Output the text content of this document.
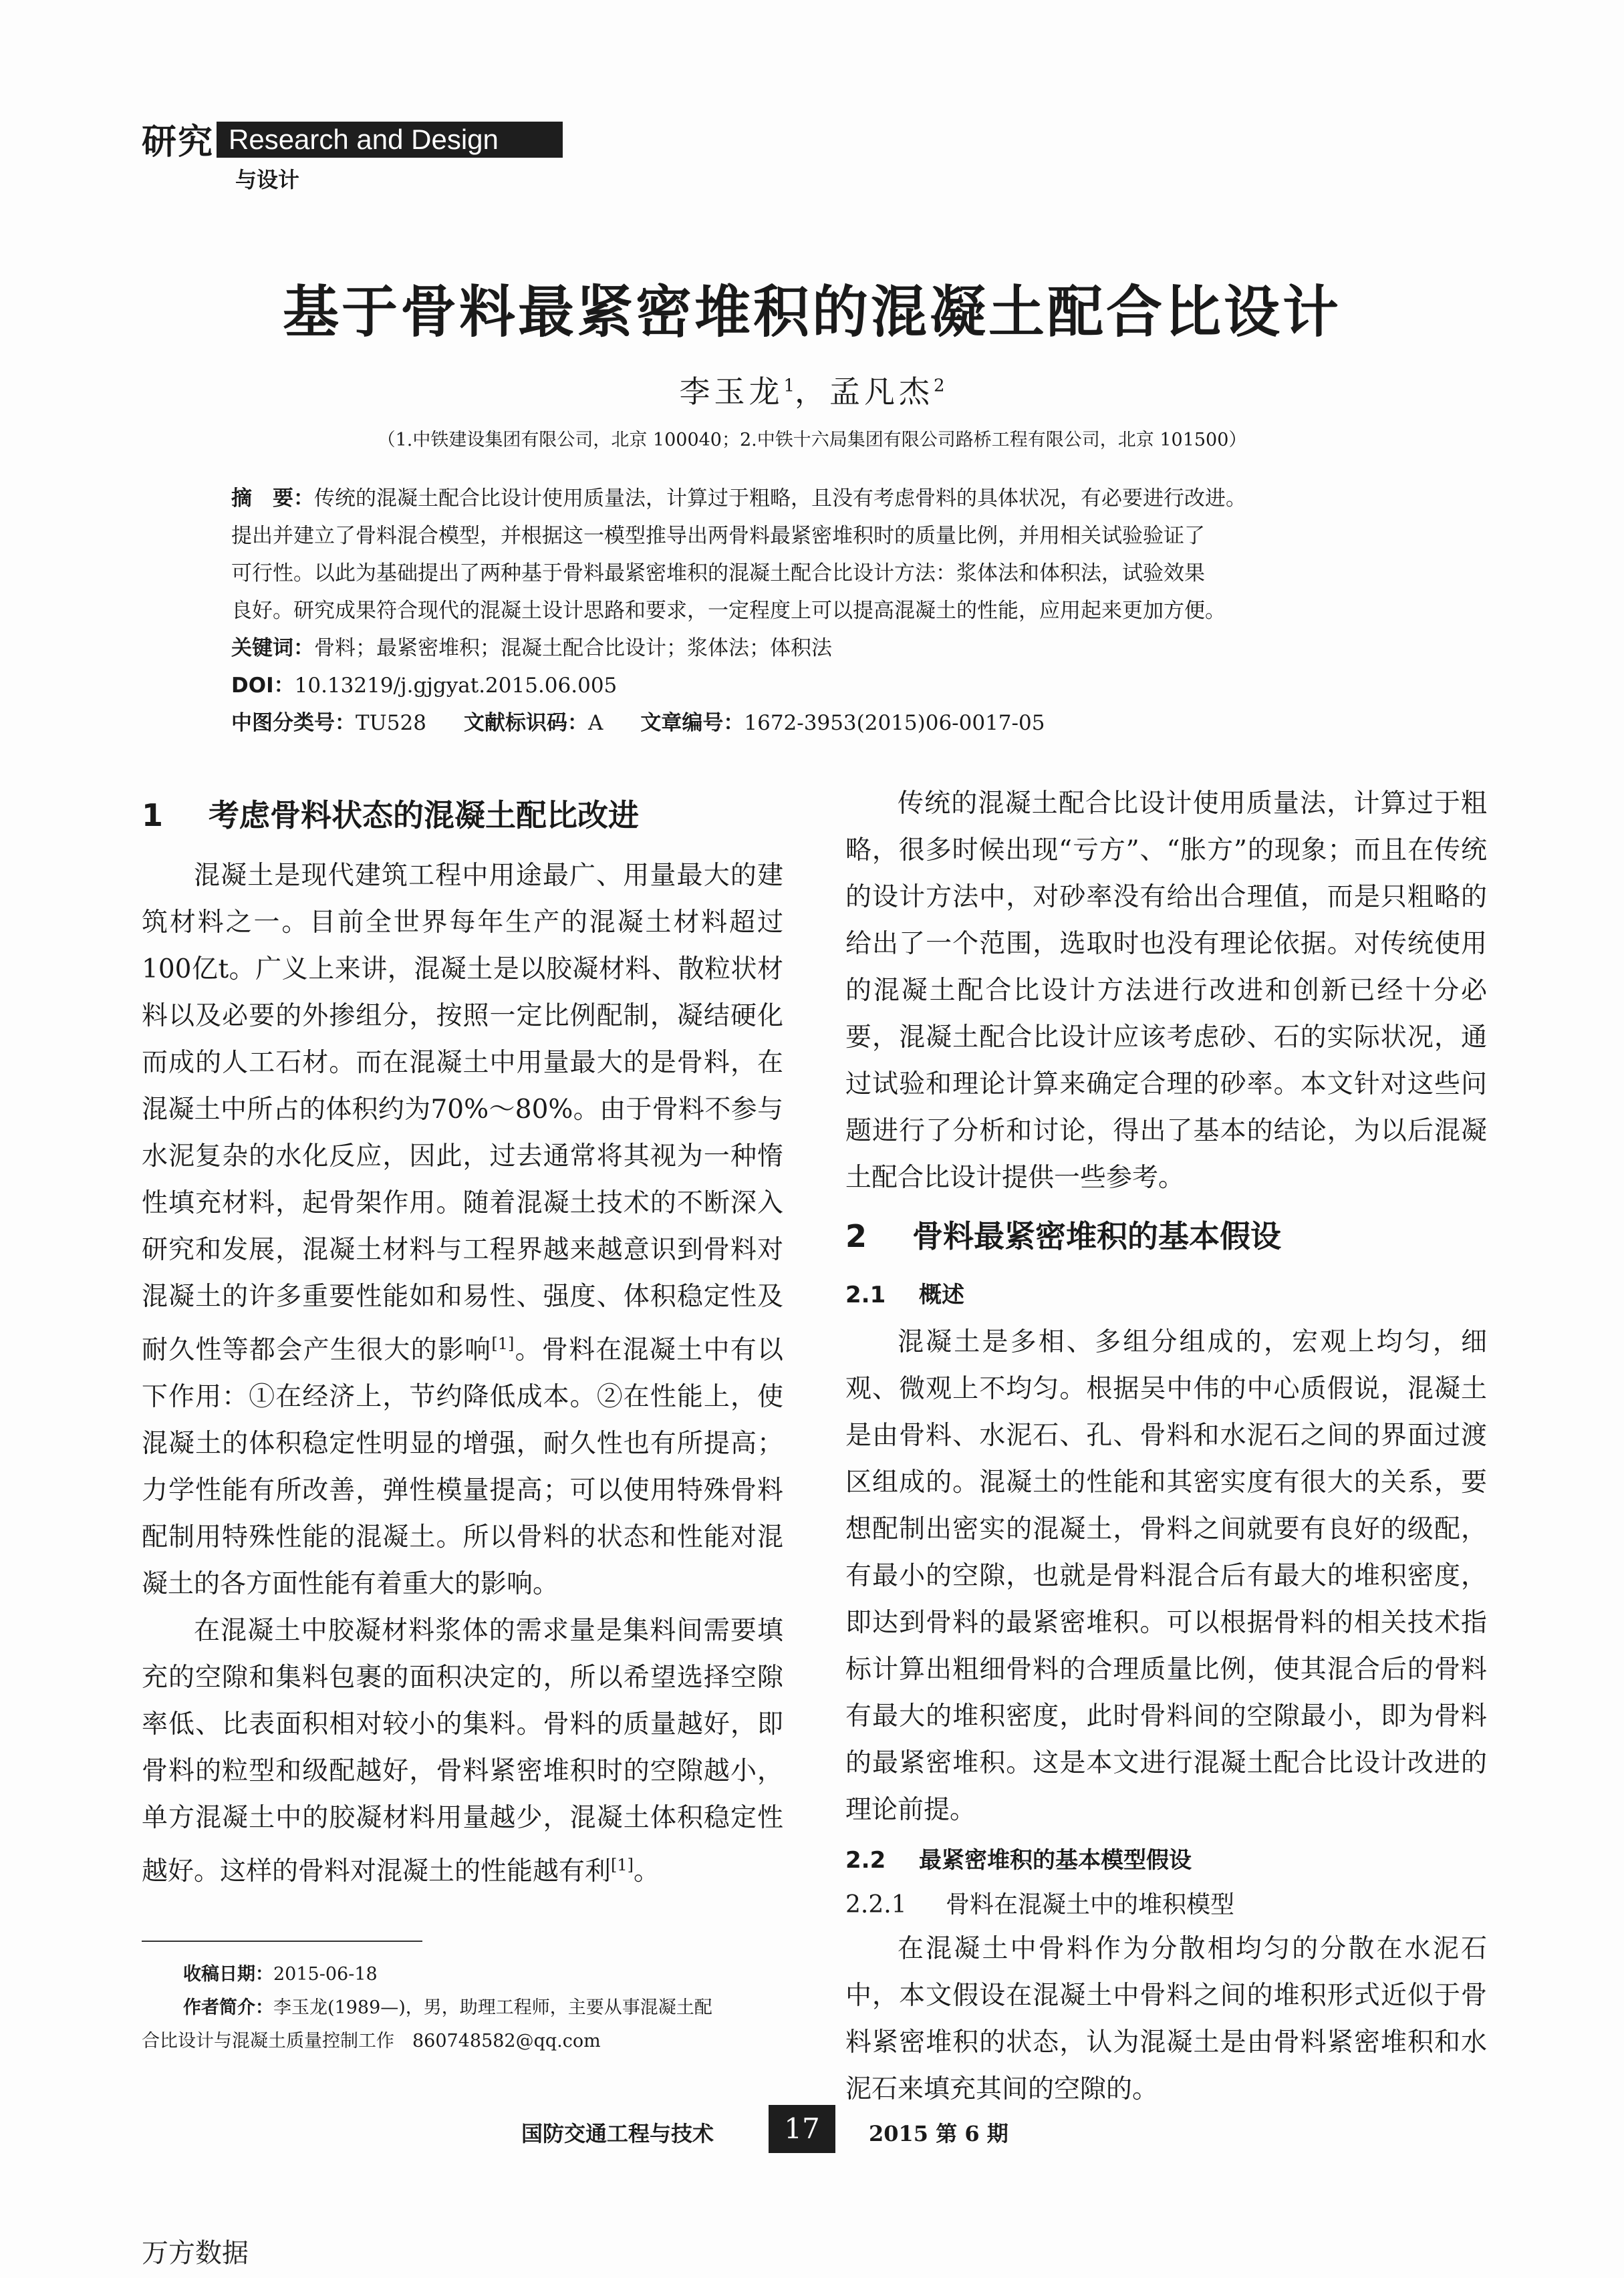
研究 Research and Design
与设计
基于骨料最紧密堆积的混凝土配合比设计
李玉龙$^1$，孟凡杰$^2$
（1.中铁建设集团有限公司，北京 100040；2.中铁十六局集团有限公司路桥工程有限公司，北京 101500）

摘　要：传统的混凝土配合比设计使用质量法，计算过于粗略，且没有考虑骨料的具体状况，有必要进行改进。

提出并建立了骨料混合模型，并根据这一模型推导出两骨料最紧密堆积时的质量比例，并用相关试验验证了

可行性。以此为基础提出了两种基于骨料最紧密堆积的混凝土配合比设计方法：浆体法和体积法，试验效果

良好。研究成果符合现代的混凝土设计思路和要求，一定程度上可以提高混凝土的性能，应用起来更加方便。

关键词：骨料；最紧密堆积；混凝土配合比设计；浆体法；体积法

DOI：10.13219/j.gjgyat.2015.06.005

中图分类号：TU528 文献标识码：A 文章编号：1672-3953(2015)06-0017-05

1 考虑骨料状态的混凝土配比改进

混凝土是现代建筑工程中用途最广、用量最大的建筑材料之一。目前全世界每年生产的混凝土材料超过100亿t。广义上来讲，混凝土是以胶凝材料、散粒状材料以及必要的外掺组分，按照一定比例配制，凝结硬化而成的人工石材。而在混凝土中用量最大的是骨料，在混凝土中所占的体积约为70%～80%。由于骨料不参与水泥复杂的水化反应，因此，过去通常将其视为一种惰性填充材料，起骨架作用。随着混凝土技术的不断深入研究和发展，混凝土材料与工程界越来越意识到骨料对混凝土的许多重要性能如和易性、强度、体积稳定性及耐久性等都会产生很大的影响[1]。骨料在混凝土中有以下作用：①在经济上，节约降低成本。②在性能上，使混凝土的体积稳定性明显的增强，耐久性也有所提高；力学性能有所改善，弹性模量提高；可以使用特殊骨料配制用特殊性能的混凝土。所以骨料的状态和性能对混凝土的各方面性能有着重大的影响。

在混凝土中胶凝材料浆体的需求量是集料间需要填充的空隙和集料包裹的面积决定的，所以希望选择空隙率低、比表面积相对较小的集料。骨料的质量越好，即骨料的粒型和级配越好，骨料紧密堆积时的空隙越小，单方混凝土中的胶凝材料用量越少，混凝土体积稳定性越好。这样的骨料对混凝土的性能越有利[1]。

传统的混凝土配合比设计使用质量法，计算过于粗略，很多时候出现“亏方”、“胀方”的现象；而且在传统的设计方法中，对砂率没有给出合理值，而是只粗略的给出了一个范围，选取时也没有理论依据。对传统使用的混凝土配合比设计方法进行改进和创新已经十分必要，混凝土配合比设计应该考虑砂、石的实际状况，通过试验和理论计算来确定合理的砂率。本文针对这些问题进行了分析和讨论，得出了基本的结论，为以后混凝土配合比设计提供一些参考。

2 骨料最紧密堆积的基本假设
2.1 概述

混凝土是多相、多组分组成的，宏观上均匀，细观、微观上不均匀。根据吴中伟的中心质假说，混凝土是由骨料、水泥石、孔、骨料和水泥石之间的界面过渡区组成的。混凝土的性能和其密实度有很大的关系，要想配制出密实的混凝土，骨料之间就要有良好的级配，有最小的空隙，也就是骨料混合后有最大的堆积密度，即达到骨料的最紧密堆积。可以根据骨料的相关技术指标计算出粗细骨料的合理质量比例，使其混合后的骨料有最大的堆积密度，此时骨料间的空隙最小，即为骨料的最紧密堆积。这是本文进行混凝土配合比设计改进的理论前提。

2.2 最紧密堆积的基本模型假设
2.2.1 骨料在混凝土中的堆积模型

在混凝土中骨料作为分散相均匀的分散在水泥石中，本文假设在混凝土中骨料之间的堆积形式近似于骨料紧密堆积的状态，认为混凝土是由骨料紧密堆积和水泥石来填充其间的空隙的。

收稿日期：2015-06-18

作者简介：李玉龙(1989—)，男，助理工程师，主要从事混凝土配

合比设计与混凝土质量控制工作　860748582@qq.com

国防交通工程与技术	17	2015 第 6 期
万方数据
